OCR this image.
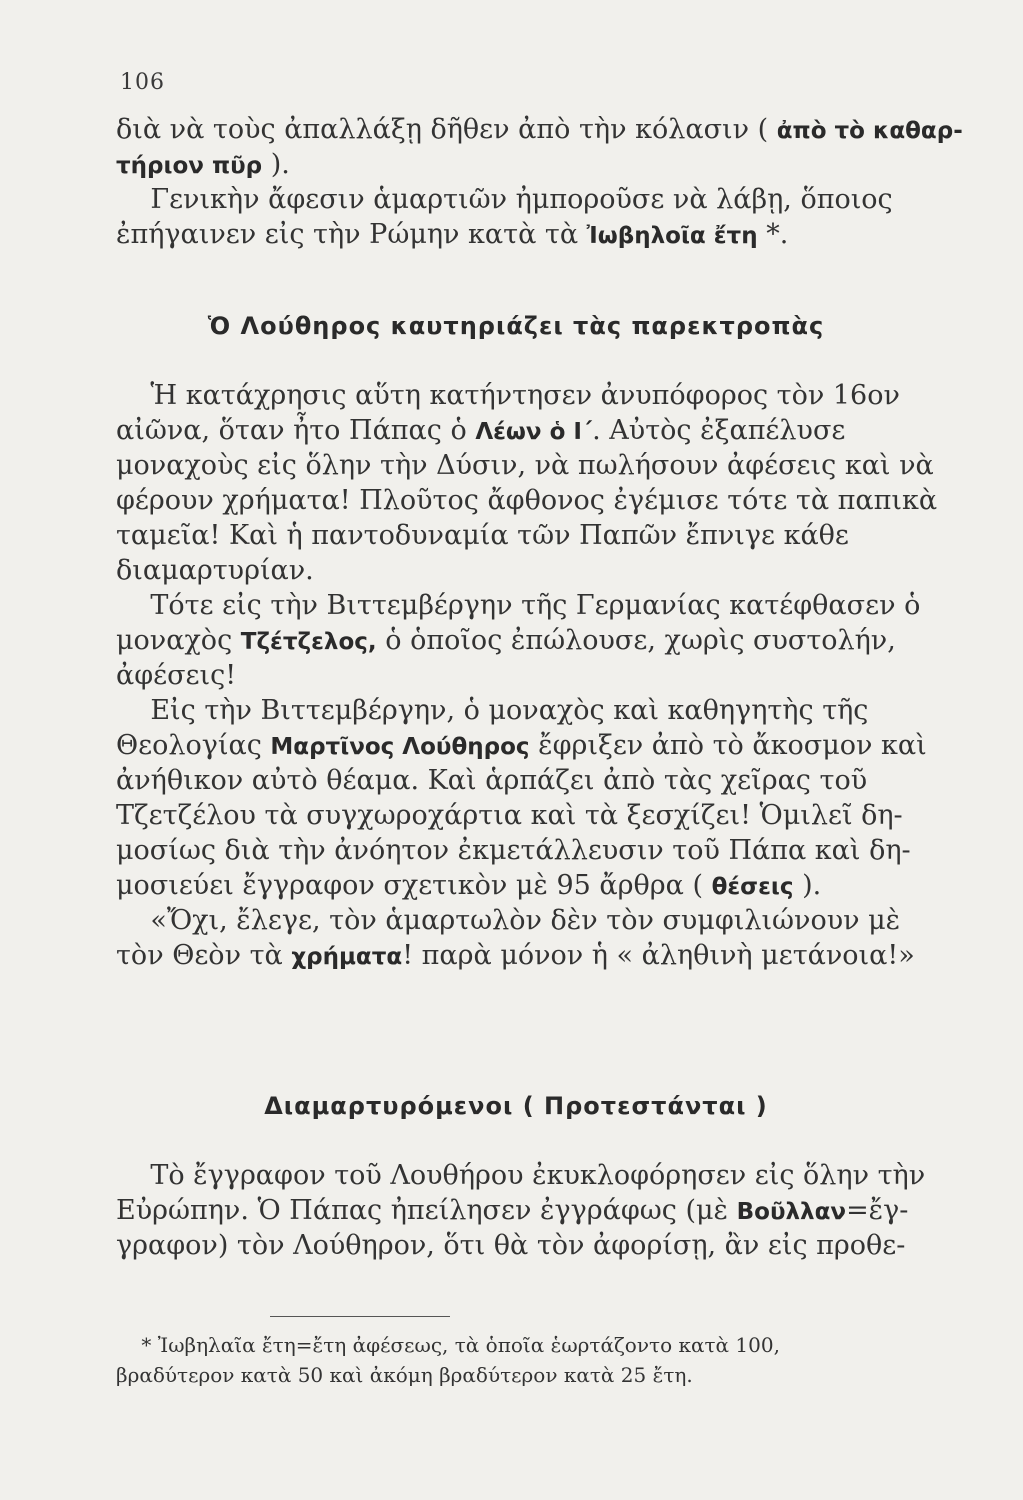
106
διὰ νὰ τοὺς ἀπαλλάξῃ δῆθεν ἀπὸ τὴν κόλασιν ( ἀπὸ τὸ καθαρ-
τήριον πῦρ ).
Γενικὴν ἄφεσιν ἁμαρτιῶν ἠμποροῦσε νὰ λάβῃ, ὅποιος
ἐπήγαινεν εἰς τὴν Ρώμην κατὰ τὰ Ἰωβηλοῖα ἔτη *.
Ὁ Λούθηρος καυτηριάζει τὰς παρεκτροπὰς
Ἡ κατάχρησις αὕτη κατήντησεν ἀνυπόφορος τὸν 16ον
αἰῶνα, ὅταν ἦτο Πάπας ὁ Λέων ὁ Ι΄. Αὐτὸς ἐξαπέλυσε
μοναχοὺς εἰς ὅλην τὴν Δύσιν, νὰ πωλήσουν ἀφέσεις καὶ νὰ
φέρουν χρήματα! Πλοῦτος ἄφθονος ἐγέμισε τότε τὰ παπικὰ
ταμεῖα! Καὶ ἡ παντοδυναμία τῶν Παπῶν ἔπνιγε κάθε
διαμαρτυρίαν.
Τότε εἰς τὴν Βιττεμβέργην τῆς Γερμανίας κατέφθασεν ὁ
μοναχὸς Τζέτζελος, ὁ ὁποῖος ἐπώλουσε, χωρὶς συστολήν,
ἀφέσεις!
Εἰς τὴν Βιττεμβέργην, ὁ μοναχὸς καὶ καθηγητὴς τῆς
Θεολογίας Μαρτῖνος Λούθηρος ἔφριξεν ἀπὸ τὸ ἄκοσμον καὶ
ἀνήθικον αὐτὸ θέαμα. Καὶ ἁρπάζει ἀπὸ τὰς χεῖρας τοῦ
Τζετζέλου τὰ συγχωροχάρτια καὶ τὰ ξεσχίζει! Ὁμιλεῖ δη-
μοσίως διὰ τὴν ἀνόητον ἐκμετάλλευσιν τοῦ Πάπα καὶ δη-
μοσιεύει ἔγγραφον σχετικὸν μὲ 95 ἄρθρα ( θέσεις ).
«Ὄχι, ἔλεγε, τὸν ἁμαρτωλὸν δὲν τὸν συμφιλιώνουν μὲ
τὸν Θεὸν τὰ χρήματα! παρὰ μόνον ἡ « ἀληθινὴ μετάνοια!»
Διαμαρτυρόμενοι ( Προτεστάνται )
Τὸ ἔγγραφον τοῦ Λουθήρου ἐκυκλοφόρησεν εἰς ὅλην τὴν
Εὐρώπην. Ὁ Πάπας ἠπείλησεν ἐγγράφως (μὲ Βοῦλλαν=ἔγ-
γραφον) τὸν Λούθηρον, ὅτι θὰ τὸν ἀφορίσῃ, ἂν εἰς προθε-
* Ἰωβηλαῖα ἔτη=ἔτη ἀφέσεως, τὰ ὁποῖα ἑωρτάζοντο κατὰ 100,
βραδύτερον κατὰ 50 καὶ ἀκόμη βραδύτερον κατὰ 25 ἔτη.
